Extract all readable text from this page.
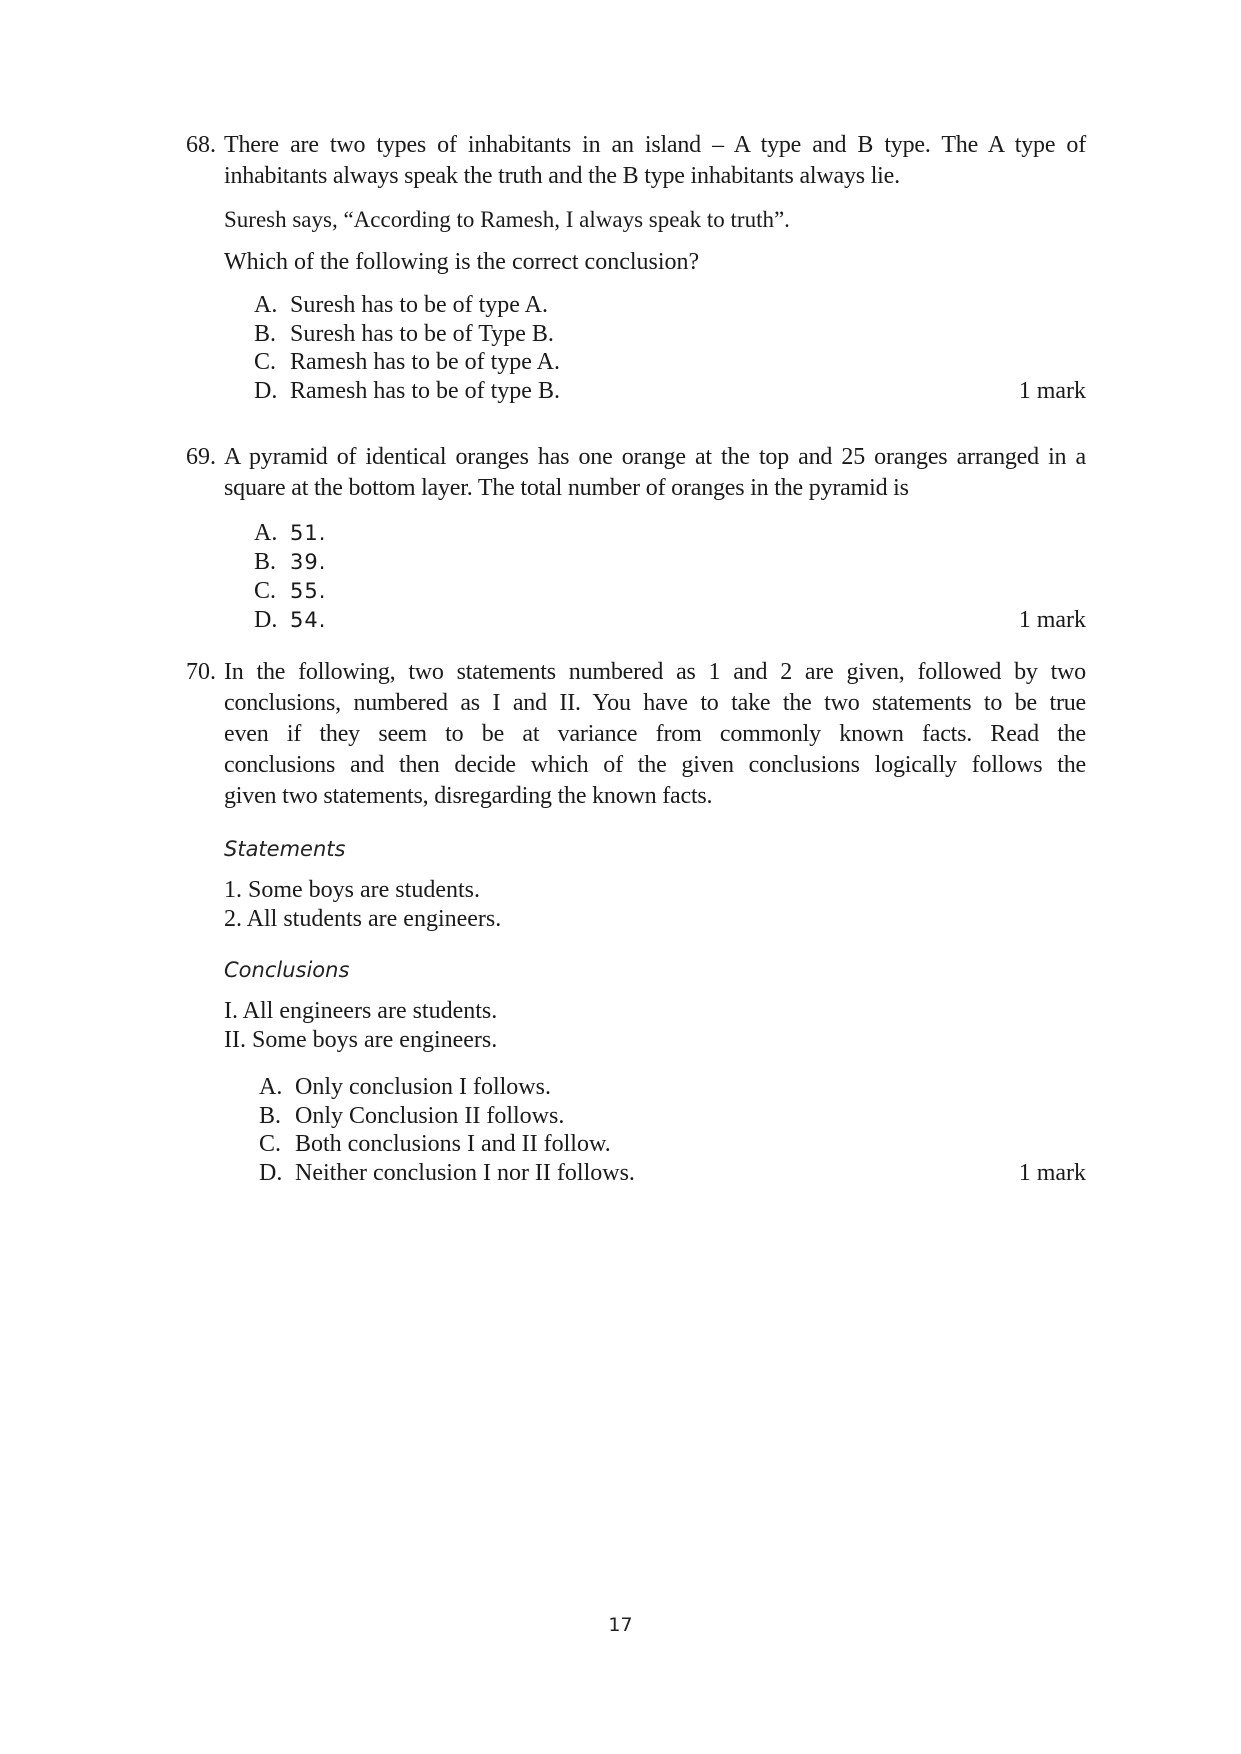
68. There are two types of inhabitants in an island – A type and B type. The A type of
inhabitants always speak the truth and the B type inhabitants always lie.
Suresh says, “According to Ramesh, I always speak to truth”.
Which of the following is the correct conclusion?
A. Suresh has to be of type A.
B. Suresh has to be of Type B.
C. Ramesh has to be of type A.
D. Ramesh has to be of type B.	1 mark
69. A pyramid of identical oranges has one orange at the top and 25 oranges arranged in a
square at the bottom layer. The total number of oranges in the pyramid is
A. 51.
B. 39.
C. 55.
D. 54.	1 mark
70. In the following, two statements numbered as 1 and 2 are given, followed by two
conclusions, numbered as I and II. You have to take the two statements to be true
even if they seem to be at variance from commonly known facts. Read the
conclusions and then decide which of the given conclusions logically follows the
given two statements, disregarding the known facts.
Statements
1. Some boys are students.
2. All students are engineers.
Conclusions
I. All engineers are students.
II. Some boys are engineers.
A. Only conclusion I follows.
B. Only Conclusion II follows.
C. Both conclusions I and II follow.
D. Neither conclusion I nor II follows.	1 mark
17
